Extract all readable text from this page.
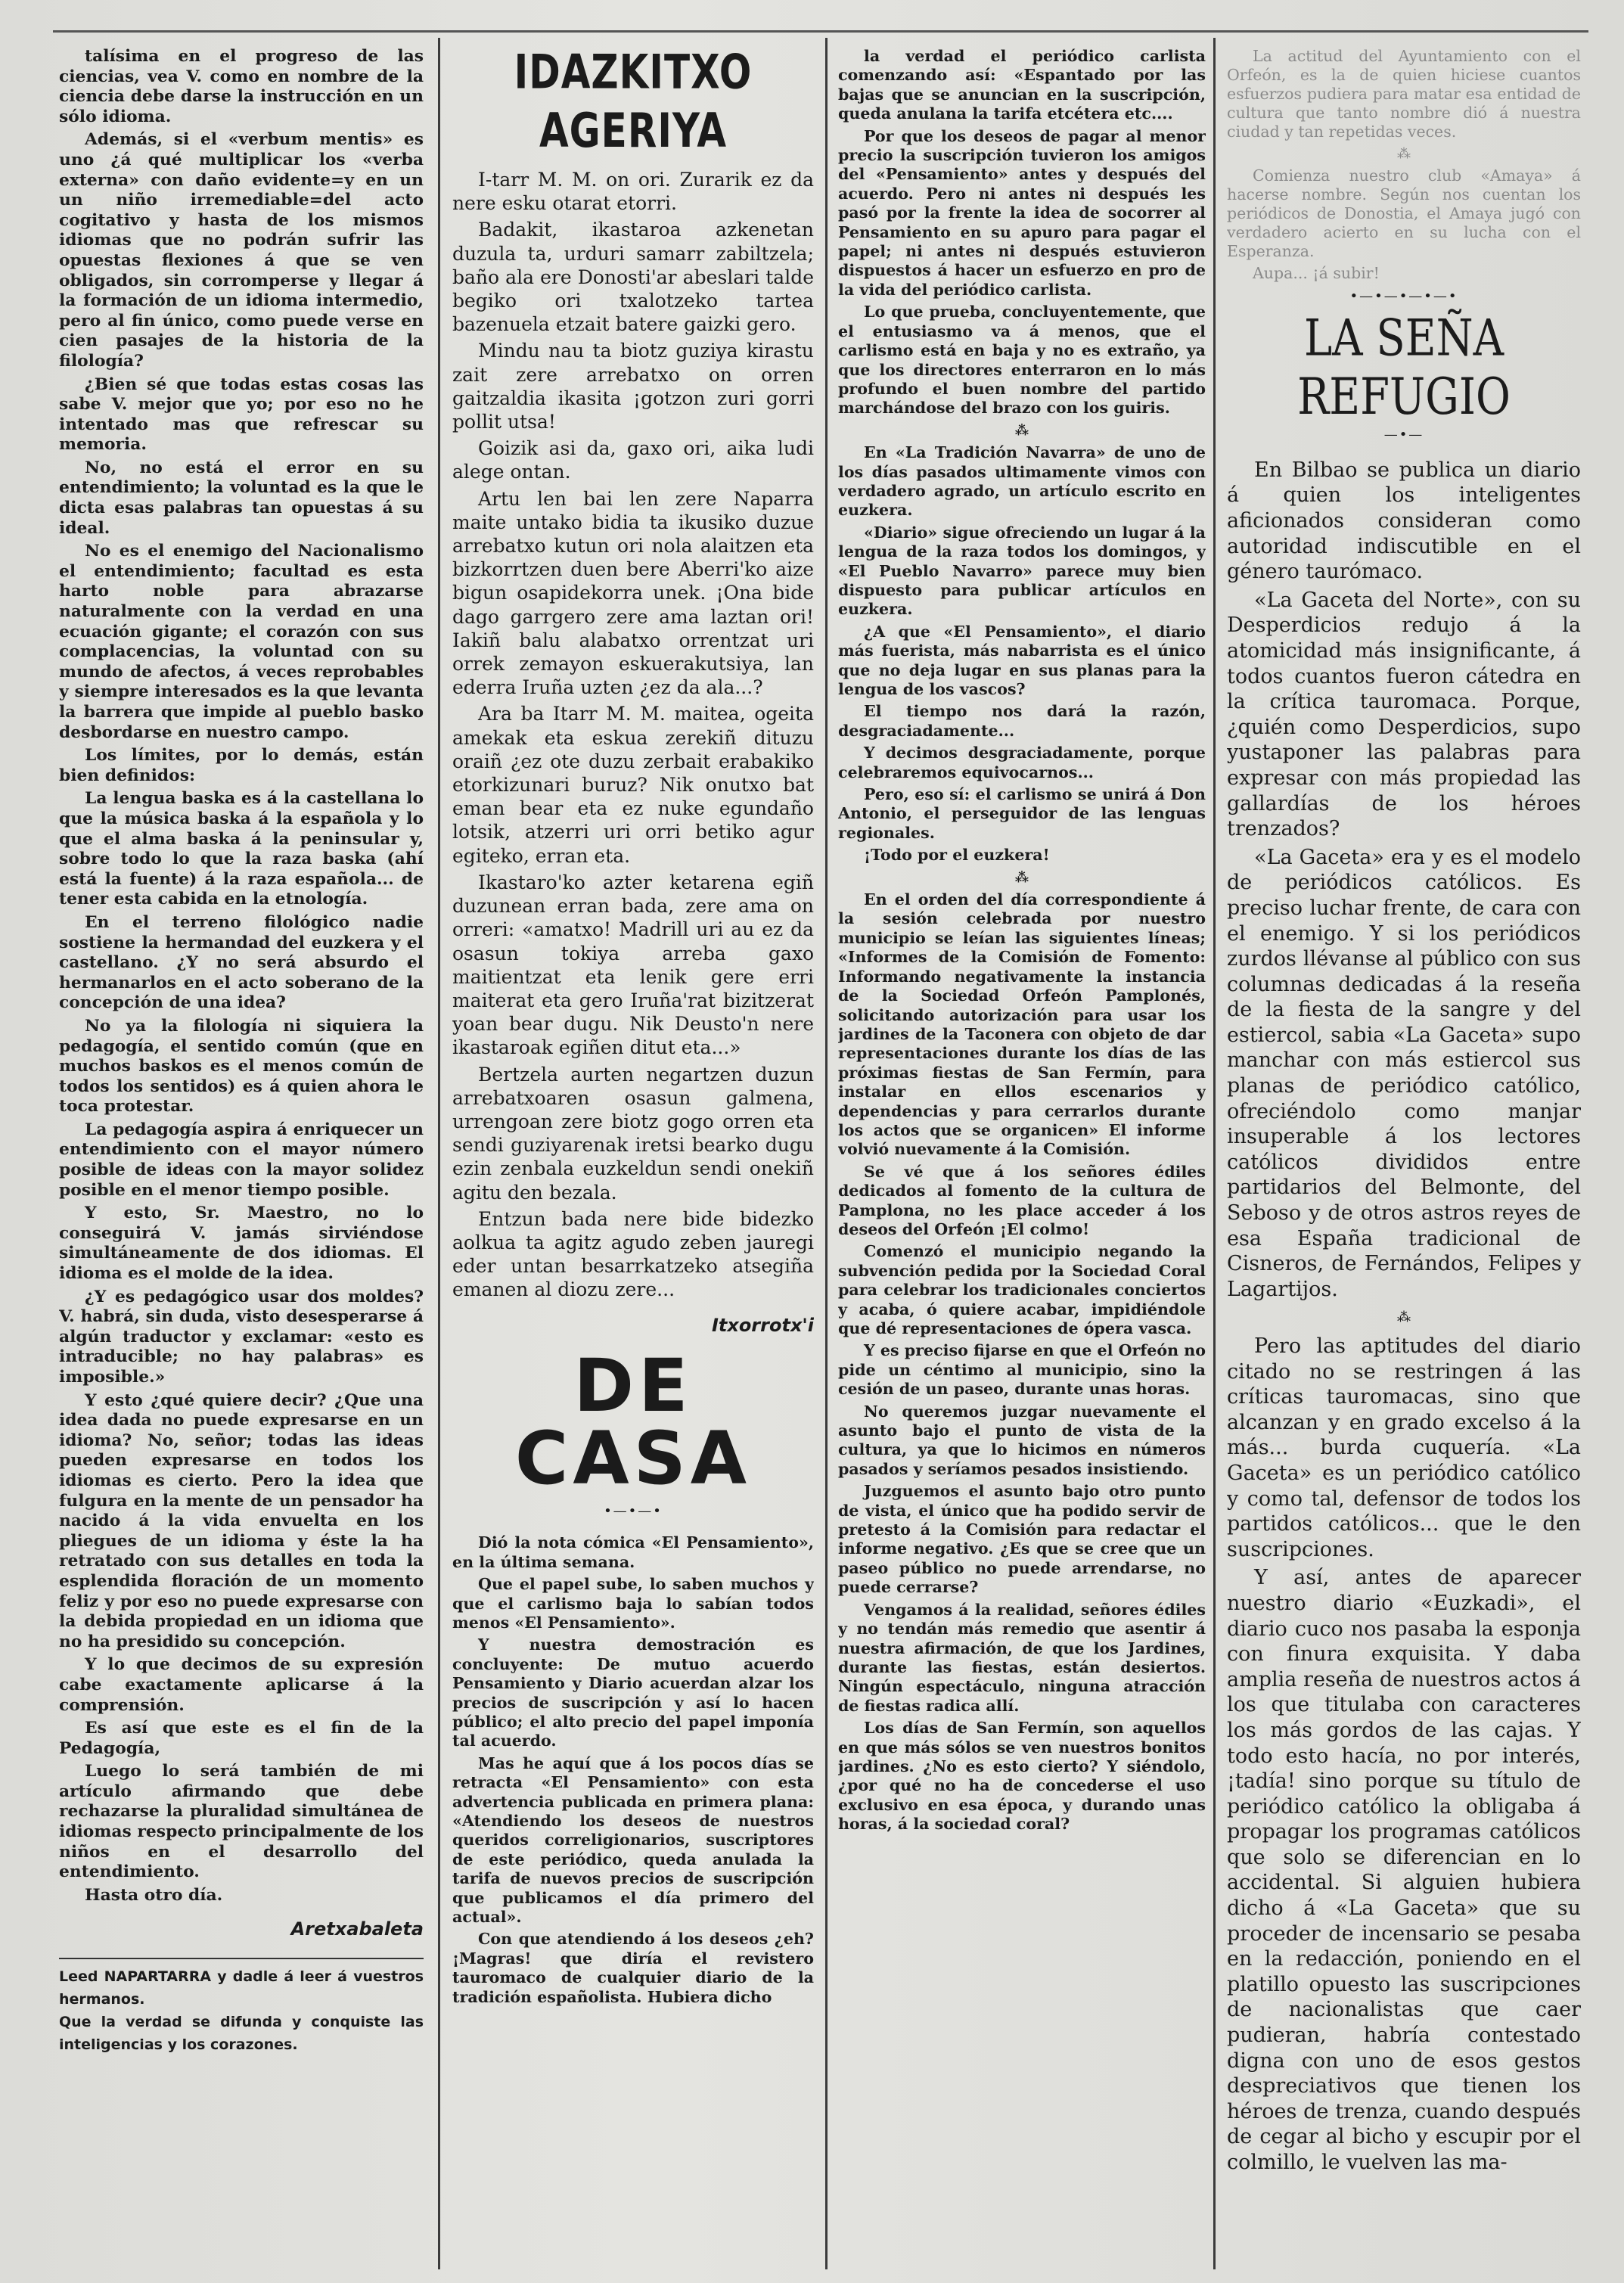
talísima en el progreso de las ciencias, vea V. como en nombre de la ciencia debe darse la instrucción en un sólo idioma.

Además, si el «verbum mentis» es uno ¿á qué multiplicar los «verba externa» con daño evidente=y en un un niño irremediable=del acto cogitativo y hasta de los mismos idiomas que no podrán sufrir las opuestas flexiones á que se ven obligados, sin corromperse y llegar á la formación de un idioma intermedio, pero al fin único, como puede verse en cien pasajes de la historia de la filología?

¿Bien sé que todas estas cosas las sabe V. mejor que yo; por eso no he intentado mas que refrescar su memoria.

No, no está el error en su entendimiento; la voluntad es la que le dicta esas palabras tan opuestas á su ideal.

No es el enemigo del Nacionalismo el entendimiento; facultad es esta harto noble para abrazarse naturalmente con la verdad en una ecuación gigante; el corazón con sus complacencias, la voluntad con su mundo de afectos, á veces reprobables y siempre interesados es la que levanta la barrera que impide al pueblo basko desbordarse en nuestro campo.

Los límites, por lo demás, están bien definidos:

La lengua baska es á la castellana lo que la música baska á la española y lo que el alma baska á la peninsular y, sobre todo lo que la raza baska (ahí está la fuente) á la raza española... de tener esta cabida en la etnología.

En el terreno filológico nadie sostiene la hermandad del euzkera y el castellano. ¿Y no será absurdo el hermanarlos en el acto soberano de la concepción de una idea?

No ya la filología ni siquiera la pedagogía, el sentido común (que en muchos baskos es el menos común de todos los sentidos) es á quien ahora le toca protestar.

La pedagogía aspira á enriquecer un entendimiento con el mayor número posible de ideas con la mayor solidez posible en el menor tiempo posible.

Y esto, Sr. Maestro, no lo conseguirá V. jamás sirviéndose simultáneamente de dos idiomas. El idioma es el molde de la idea.

¿Y es pedagógico usar dos moldes? V. habrá, sin duda, visto desesperarse á algún traductor y exclamar: «esto es intraducible; no hay palabras» es imposible.»

Y esto ¿qué quiere decir? ¿Que una idea dada no puede expresarse en un idioma? No, señor; todas las ideas pueden expresarse en todos los idiomas es cierto. Pero la idea que fulgura en la mente de un pensador ha nacido á la vida envuelta en los pliegues de un idioma y éste la ha retratado con sus detalles en toda la esplendida floración de un momento feliz y por eso no puede expresarse con la debida propiedad en un idioma que no ha presidido su concepción.

Y lo que decimos de su expresión cabe exactamente aplicarse á la comprensión.

Es así que este es el fin de la Pedagogía,

Luego lo será también de mi artículo afirmando que debe rechazarse la pluralidad simultánea de idiomas respecto principalmente de los niños en el desarrollo del entendimiento.

Hasta otro día.

Aretxabaleta
Leed NAPARTARRA y dadle á leer á vuestros hermanos.
Que la verdad se difunda y conquiste las inteligencias y los corazones.
IDAZKITXO AGERIYA

I-tarr M. M. on ori. Zurarik ez da nere esku otarat etorri.

Badakit, ikastaroa azkenetan duzula ta, urduri samarr zabiltzela; baño ala ere Donosti'ar abeslari talde begiko ori txalotzeko tartea bazenuela etzait batere gaizki gero.

Mindu nau ta biotz guziya kirastu zait zere arrebatxo on orren gaitzaldia ikasita ¡gotzon zuri gorri pollit utsa!

Goizik asi da, gaxo ori, aika ludi alege ontan.

Artu len bai len zere Naparra maite untako bidia ta ikusiko duzue arrebatxo kutun ori nola alaitzen eta bizkorrtzen duen bere Aberri'ko aize bigun osapidekorra unek. ¡Ona bide dago garrgero zere ama laztan ori! Iakiñ balu alabatxo orrentzat uri orrek zemayon eskuerakutsiya, lan ederra Iruña uzten ¿ez da ala...?

Ara ba Itarr M. M. maitea, ogeita amekak eta eskua zerekiñ dituzu oraiñ ¿ez ote duzu zerbait erabakiko etorkizunari buruz? Nik onutxo bat eman bear eta ez nuke egundaño lotsik, atzerri uri orri betiko agur egiteko, erran eta.

Ikastaro'ko azter ketarena egiñ duzunean erran bada, zere ama on orreri: «amatxo! Madrill uri au ez da osasun tokiya arreba gaxo maitientzat eta lenik gere erri maiterat eta gero Iruña'rat bizitzerat yoan bear dugu. Nik Deusto'n nere ikastaroak egiñen ditut eta...»

Bertzela aurten negartzen duzun arrebatxoaren osasun galmena, urrengoan zere biotz gogo orren eta sendi guziyarenak iretsi bearko dugu ezin zenbala euzkeldun sendi onekiñ agitu den bezala.

Entzun bada nere bide bidezko aolkua ta agitz agudo zeben jauregi eder untan besarrkatzeko atsegiña emanen al diozu zere...

Itxorrotx'i
DE CASA
•—•—•

Dió la nota cómica «El Pensamiento», en la última semana.

Que el papel sube, lo saben muchos y que el carlismo baja lo sabían todos menos «El Pensamiento».

Y nuestra demostración es concluyente: De mutuo acuerdo Pensamiento y Diario acuerdan alzar los precios de suscripción y así lo hacen público; el alto precio del papel imponía tal acuerdo.

Mas he aquí que á los pocos días se retracta «El Pensamiento» con esta advertencia publicada en primera plana: «Atendiendo los deseos de nuestros queridos correligionarios, suscriptores de este periódico, queda anulada la tarifa de nuevos precios de suscripción que publicamos el día primero del actual».

Con que atendiendo á los deseos ¿eh? ¡Magras! que diría el revistero tauromaco de cualquier diario de la tradición españolista. Hubiera dicho

la verdad el periódico carlista comenzando así: «Espantado por las bajas que se anuncian en la suscripción, queda anulana la tarifa etcétera etc....

Por que los deseos de pagar al menor precio la suscripción tuvieron los amigos del «Pensamiento» antes y después del acuerdo. Pero ni antes ni después les pasó por la frente la idea de socorrer al Pensamiento en su apuro para pagar el papel; ni antes ni después estuvieron dispuestos á hacer un esfuerzo en pro de la vida del periódico carlista.

Lo que prueba, concluyentemente, que el entusiasmo va á menos, que el carlismo está en baja y no es extraño, ya que los directores enterraron en lo más profundo el buen nombre del partido marchándose del brazo con los guiris.

⁂

En «La Tradición Navarra» de uno de los días pasados ultimamente vimos con verdadero agrado, un artículo escrito en euzkera.

«Diario» sigue ofreciendo un lugar á la lengua de la raza todos los domingos, y «El Pueblo Navarro» parece muy bien dispuesto para publicar artículos en euzkera.

¿A que «El Pensamiento», el diario más fuerista, más nabarrista es el único que no deja lugar en sus planas para la lengua de los vascos?

El tiempo nos dará la razón, desgraciadamente...

Y decimos desgraciadamente, porque celebraremos equivocarnos...

Pero, eso sí: el carlismo se unirá á Don Antonio, el perseguidor de las lenguas regionales.

¡Todo por el euzkera!

⁂

En el orden del día correspondiente á la sesión celebrada por nuestro municipio se leían las siguientes líneas; «Informes de la Comisión de Fomento: Informando negativamente la instancia de la Sociedad Orfeón Pamplonés, solicitando autorización para usar los jardines de la Taconera con objeto de dar representaciones durante los días de las próximas fiestas de San Fermín, para instalar en ellos escenarios y dependencias y para cerrarlos durante los actos que se organicen» El informe volvió nuevamente á la Comisión.

Se vé que á los señores édiles dedicados al fomento de la cultura de Pamplona, no les place acceder á los deseos del Orfeón ¡El colmo!

Comenzó el municipio negando la subvención pedida por la Sociedad Coral para celebrar los tradicionales conciertos y acaba, ó quiere acabar, impidiéndole que dé representaciones de ópera vasca.

Y es preciso fijarse en que el Orfeón no pide un céntimo al municipio, sino la cesión de un paseo, durante unas horas.

No queremos juzgar nuevamente el asunto bajo el punto de vista de la cultura, ya que lo hicimos en números pasados y seríamos pesados insistiendo.

Juzguemos el asunto bajo otro punto de vista, el único que ha podido servir de pretesto á la Comisión para redactar el informe negativo. ¿Es que se cree que un paseo público no puede arrendarse, no puede cerrarse?

Vengamos á la realidad, señores édiles y no tendán más remedio que asentir á nuestra afirmación, de que los Jardines, durante las fiestas, están desiertos. Ningún espectáculo, ninguna atracción de fiestas radica allí.

Los días de San Fermín, son aquellos en que más sólos se ven nuestros bonitos jardines. ¿No es esto cierto? Y siéndolo, ¿por qué no ha de concederse el uso exclusivo en esa época, y durando unas horas, á la sociedad coral?

La actitud del Ayuntamiento con el Orfeón, es la de quien hiciese cuantos esfuerzos pudiera para matar esa entidad de cultura que tanto nombre dió á nuestra ciudad y tan repetidas veces.

⁂

Comienza nuestro club «Amaya» á hacerse nombre. Según nos cuentan los periódicos de Donostia, el Amaya jugó con verdadero acierto en su lucha con el Esperanza.

Aupa... ¡á subir!

•—•—•—•—•
LA SEÑA REFUGIO
—•—

En Bilbao se publica un diario á quien los inteligentes aficionados consideran como autoridad indiscutible en el género taurómaco.

«La Gaceta del Norte», con su Desperdicios redujo á la atomicidad más insignificante, á todos cuantos fueron cátedra en la crítica tauromaca. Porque, ¿quién como Desperdicios, supo yustaponer las palabras para expresar con más propiedad las gallardías de los héroes trenzados?

«La Gaceta» era y es el modelo de periódicos católicos. Es preciso luchar frente, de cara con el enemigo. Y si los periódicos zurdos llévanse al público con sus columnas dedicadas á la reseña de la fiesta de la sangre y del estiercol, sabia «La Gaceta» supo manchar con más estiercol sus planas de periódico católico, ofreciéndolo como manjar insuperable á los lectores católicos divididos entre partidarios del Belmonte, del Seboso y de otros astros reyes de esa España tradicional de Cisneros, de Fernándos, Felipes y Lagartijos.

⁂

Pero las aptitudes del diario citado no se restringen á las críticas tauromacas, sino que alcanzan y en grado excelso á la más... burda cuquería. «La Gaceta» es un periódico católico y como tal, defensor de todos los partidos católicos... que le den suscripciones.

Y así, antes de aparecer nuestro diario «Euzkadi», el diario cuco nos pasaba la esponja con finura exquisita. Y daba amplia reseña de nuestros actos á los que titulaba con caracteres los más gordos de las cajas. Y todo esto hacía, no por interés, ¡tadía! sino porque su título de periódico católico la obligaba á propagar los programas católicos que solo se diferencian en lo accidental. Si alguien hubiera dicho á «La Gaceta» que su proceder de incensario se pesaba en la redacción, poniendo en el platillo opuesto las suscripciones de nacionalistas que caer pudieran, habría contestado digna con uno de esos gestos despreciativos que tienen los héroes de trenza, cuando después de cegar al bicho y escupir por el colmillo, le vuelven las ma-
